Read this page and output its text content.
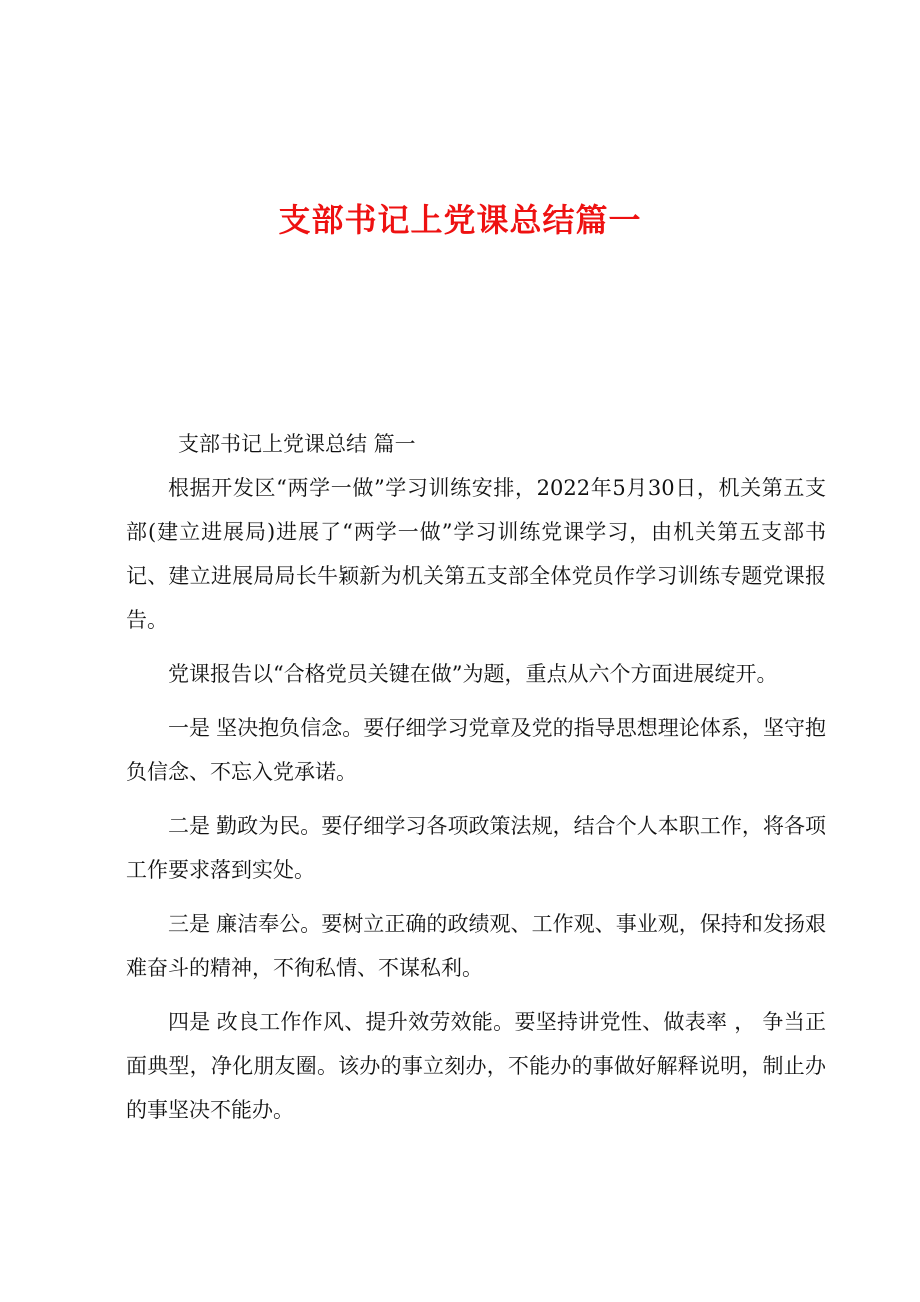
支部书记上党课总结篇一

支部书记上党课总结 篇一

根据开发区“两学一做”学习训练安排，2022年5月30日，机关第五支部(建立进展局)进展了“两学一做”学习训练党课学习，由机关第五支部书记、建立进展局局长牛颖新为机关第五支部全体党员作学习训练专题党课报告。

党课报告以“合格党员关键在做”为题，重点从六个方面进展绽开。

一是 坚决抱负信念。要仔细学习党章及党的指导思想理论体系，坚守抱负信念、不忘入党承诺。

二是 勤政为民。要仔细学习各项政策法规，结合个人本职工作，将各项工作要求落到实处。

三是 廉洁奉公。要树立正确的政绩观、工作观、事业观，保持和发扬艰难奋斗的精神，不徇私情、不谋私利。

四是 改良工作作风、提升效劳效能。要坚持讲党性、做表率 ， 争当正面典型，净化朋友圈。该办的事立刻办，不能办的事做好解释说明，制止办的事坚决不能办。
